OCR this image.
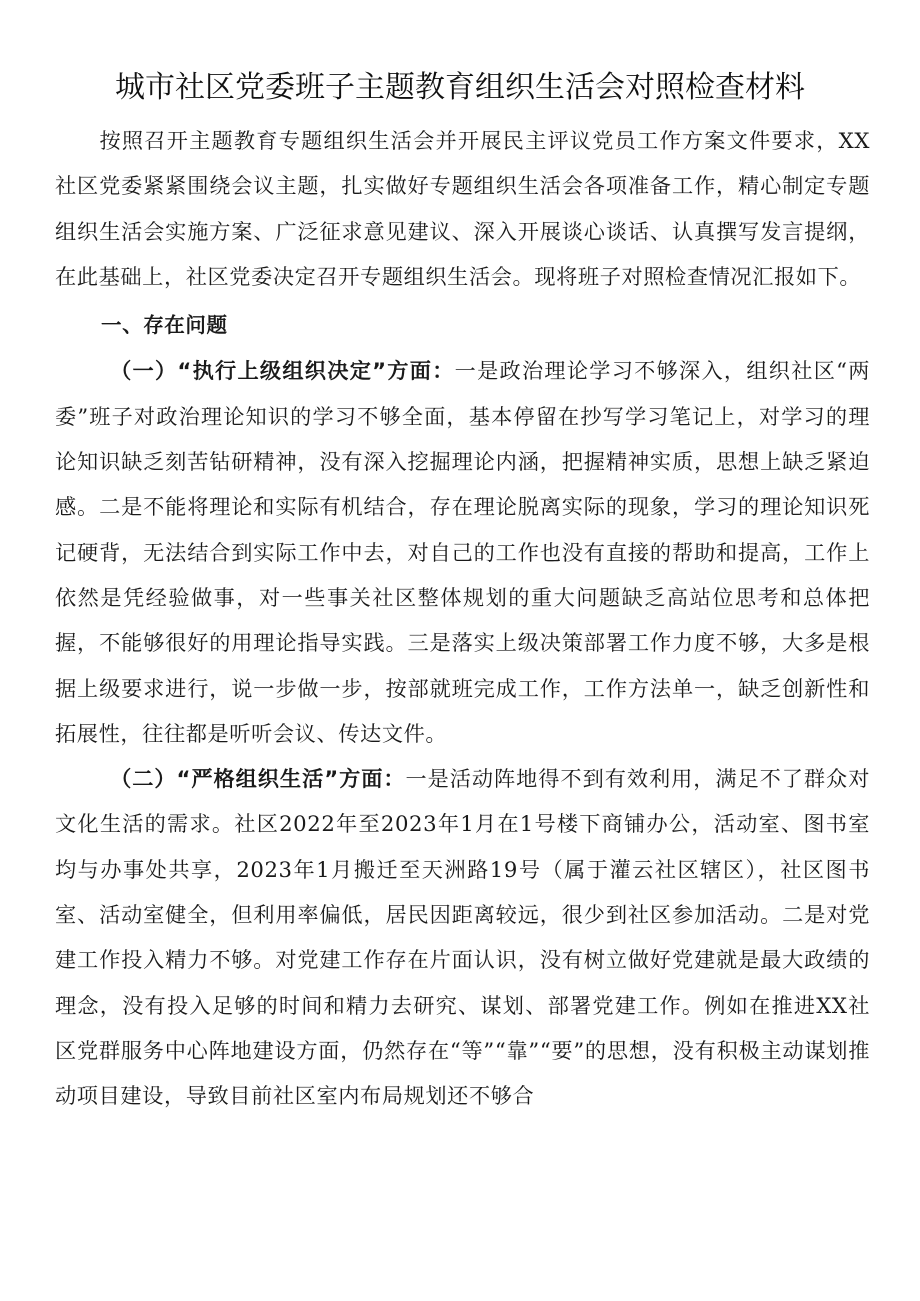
城市社区党委班子主题教育组织生活会对照检查材料

按照召开主题教育专题组织生活会并开展民主评议党员工作方案文件要求，XX社区党委紧紧围绕会议主题，扎实做好专题组织生活会各项准备工作，精心制定专题组织生活会实施方案、广泛征求意见建议、深入开展谈心谈话、认真撰写发言提纲，在此基础上，社区党委决定召开专题组织生活会。现将班子对照检查情况汇报如下。

一、存在问题

（一）“执行上级组织决定”方面：一是政治理论学习不够深入，组织社区“两委”班子对政治理论知识的学习不够全面，基本停留在抄写学习笔记上，对学习的理论知识缺乏刻苦钻研精神，没有深入挖掘理论内涵，把握精神实质，思想上缺乏紧迫感。二是不能将理论和实际有机结合，存在理论脱离实际的现象，学习的理论知识死记硬背，无法结合到实际工作中去，对自己的工作也没有直接的帮助和提高，工作上依然是凭经验做事，对一些事关社区整体规划的重大问题缺乏高站位思考和总体把握，不能够很好的用理论指导实践。三是落实上级决策部署工作力度不够，大多是根据上级要求进行，说一步做一步，按部就班完成工作，工作方法单一，缺乏创新性和拓展性，往往都是听听会议、传达文件。

（二）“严格组织生活”方面：一是活动阵地得不到有效利用，满足不了群众对文化生活的需求。社区2022年至2023年1月在1号楼下商铺办公，活动室、图书室均与办事处共享，2023年1月搬迁至天洲路19号（属于灌云社区辖区），社区图书室、活动室健全，但利用率偏低，居民因距离较远，很少到社区参加活动。二是对党建工作投入精力不够。对党建工作存在片面认识，没有树立做好党建就是最大政绩的理念，没有投入足够的时间和精力去研究、谋划、部署党建工作。例如在推进XX社区党群服务中心阵地建设方面，仍然存在“等”“靠”“要”的思想，没有积极主动谋划推动项目建设，导致目前社区室内布局规划还不够合
